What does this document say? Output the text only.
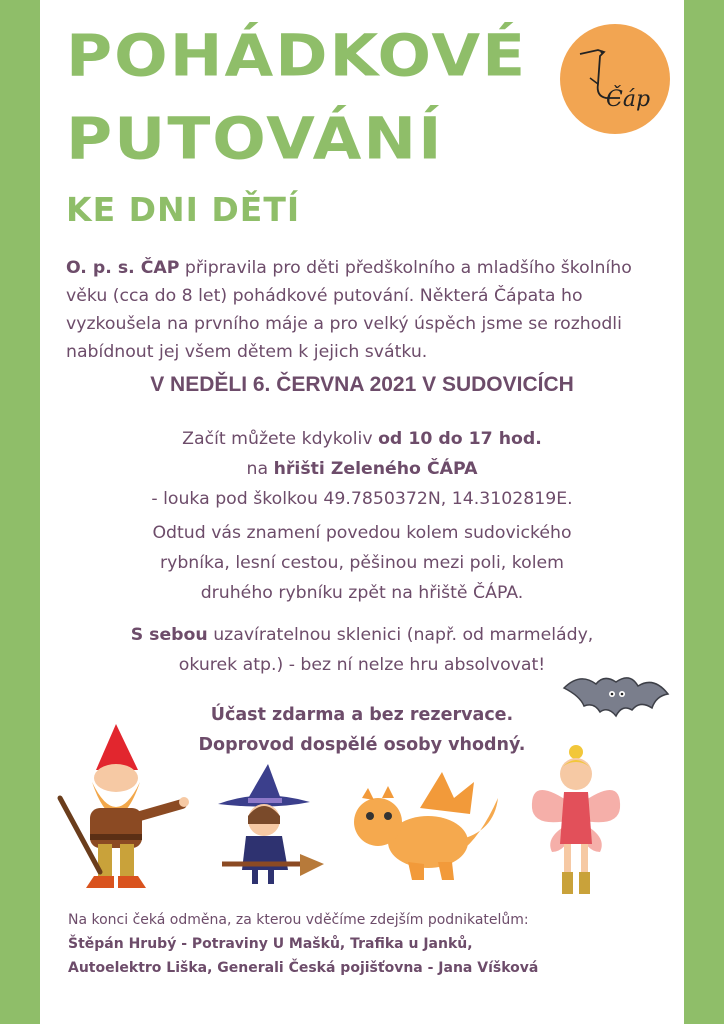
POHÁDKOVÉ
PUTOVÁNÍ
KE DNI DĚTÍ
Čáp

O. p. s. ČAP připravila pro děti předškolního a mladšího školního věku (cca do 8 let) pohádkové putování. Některá Čápata ho vyzkoušela na prvního máje a pro velký úspěch jsme se rozhodli nabídnout jej všem dětem k jejich svátku.

V NEDĚLI 6. ČERVNA 2021 V SUDOVICÍCH

Začít můžete kdykoliv od 10 do 17 hod.
na hřišti Zeleného ČÁPA
- louka pod školkou 49.7850372N, 14.3102819E.

Odtud vás znamení povedou kolem sudovického
rybníka, lesní cestou, pěšinou mezi poli, kolem
druhého rybníku zpět na hřiště ČÁPA.

S sebou uzavíratelnou sklenici (např. od marmelády,
okurek atp.) - bez ní nelze hru absolvovat!

Účast zdarma a bez rezervace.
Doprovod dospělé osoby vhodný.

Na konci čeká odměna, za kterou vděčíme zdejším podnikatelům:
Štěpán Hrubý - Potraviny U Mašků, Trafika u Janků,
Autoelektro Liška, Generali Česká pojišťovna - Jana Víšková
